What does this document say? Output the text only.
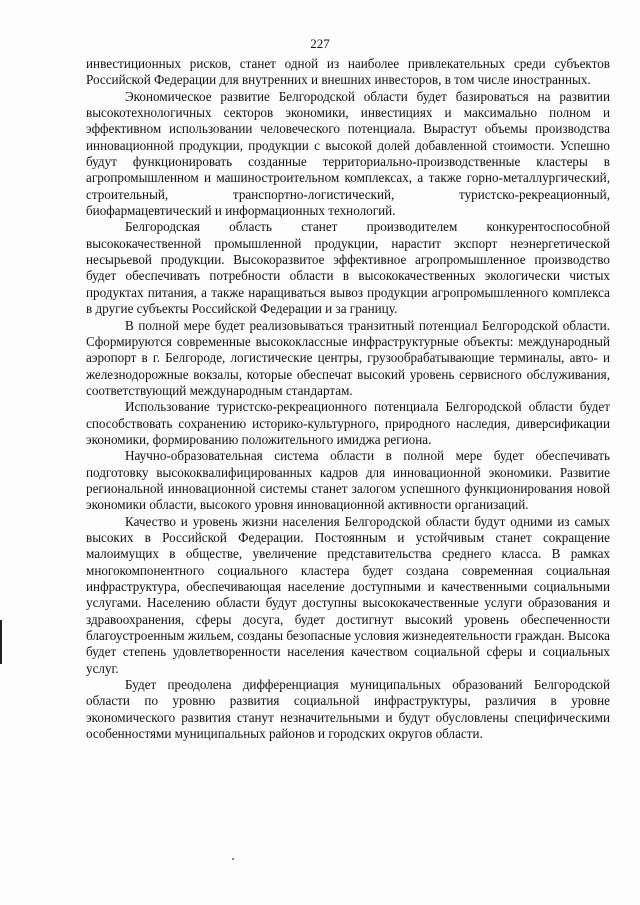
227

инвестиционных рисков, станет одной из наиболее привлекательных среди субъектов Российской Федерации для внутренних и внешних инвесторов, в том числе иностранных.

Экономическое развитие Белгородской области будет базироваться на развитии высокотехнологичных секторов экономики, инвестициях и максимально полном и эффективном использовании человеческого потенциала. Вырастут объемы производства инновационной продукции, продукции с высокой долей добавленной стоимости. Успешно будут функционировать созданные территориально-производственные кластеры в агропромышленном и машиностроительном комплексах, а также горно-металлургический, строительный, транспортно-логистический, туристско-рекреационный, биофармацевтический и информационных технологий.

Белгородская область станет производителем конкурентоспособной высококачественной промышленной продукции, нарастит экспорт неэнергетической несырьевой продукции. Высокоразвитое эффективное агропромышленное производство будет обеспечивать потребности области в высококачественных экологически чистых продуктах питания, а также наращиваться вывоз продукции агропромышленного комплекса в другие субъекты Российской Федерации и за границу.

В полной мере будет реализовываться транзитный потенциал Белгородской области. Сформируются современные высококлассные инфраструктурные объекты: международный аэропорт в г. Белгороде, логистические центры, грузообрабатывающие терминалы, авто- и железнодорожные вокзалы, которые обеспечат высокий уровень сервисного обслуживания, соответствующий международным стандартам.

Использование туристско-рекреационного потенциала Белгородской области будет способствовать сохранению историко-культурного, природного наследия, диверсификации экономики, формированию положительного имиджа региона.

Научно-образовательная система области в полной мере будет обеспечивать подготовку высококвалифицированных кадров для инновационной экономики. Развитие региональной инновационной системы станет залогом успешного функционирования новой экономики области, высокого уровня инновационной активности организаций.

Качество и уровень жизни населения Белгородской области будут одними из самых высоких в Российской Федерации. Постоянным и устойчивым станет сокращение малоимущих в обществе, увеличение представительства среднего класса. В рамках многокомпонентного социального кластера будет создана современная социальная инфраструктура, обеспечивающая население доступными и качественными социальными услугами. Населению области будут доступны высококачественные услуги образования и здравоохранения, сферы досуга, будет достигнут высокий уровень обеспеченности благоустроенным жильем, созданы безопасные условия жизнедеятельности граждан. Высока будет степень удовлетворенности населения качеством социальной сферы и социальных услуг.

Будет преодолена дифференциация муниципальных образований Белгородской области по уровню развития социальной инфраструктуры, различия в уровне экономического развития станут незначительными и будут обусловлены специфическими особенностями муниципальных районов и городских округов области.
